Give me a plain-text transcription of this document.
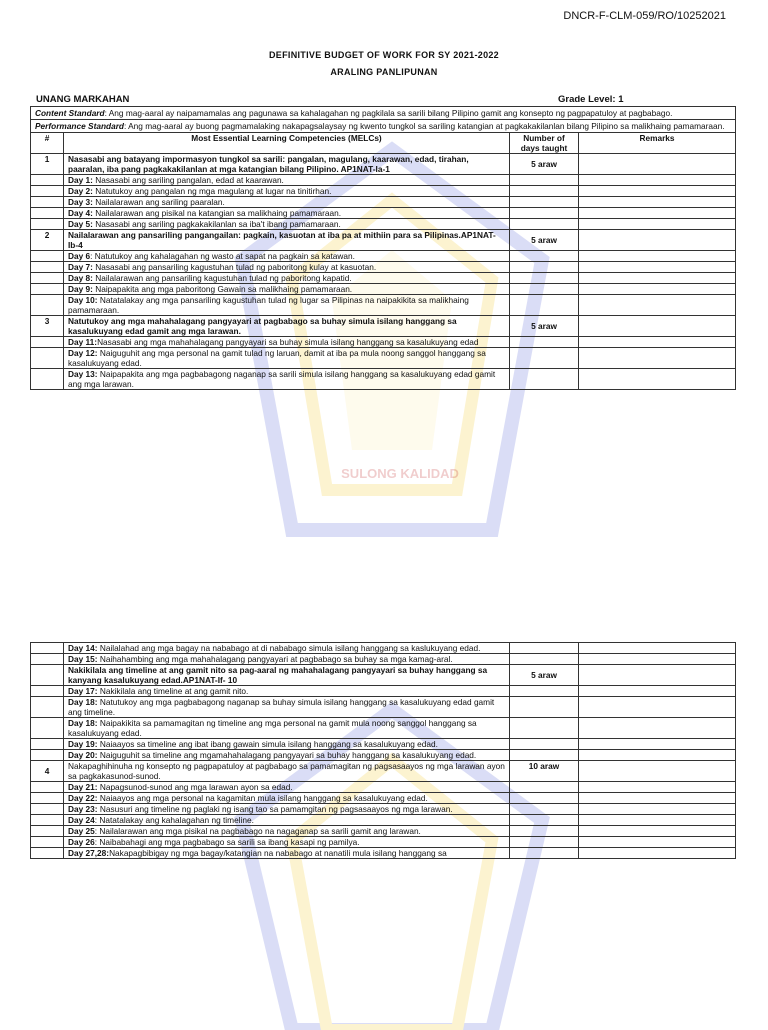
SULONG KALIDAD
DNCR-F-CLM-059/RO/10252021
DEFINITIVE BUDGET OF WORK FOR SY 2021-2022
ARALING PANLIPUNAN
UNANG MARKAHAN	Grade Level: 1
Content Standard: Ang mag-aaral ay naipamamalas ang pagunawa sa kahalagahan ng pagkilala sa sarili bilang Pilipino gamit ang konsepto ng pagpapatuloy at pagbabago.			
Performance Standard: Ang mag-aaral ay buong pagmamalaking nakapagsalaysay ng kwento tungkol sa sariling katangian at pagkakakilanlan bilang Pilipino sa malikhaing pamamaraan.			
#	Most Essential Learning Competencies (MELCs)	Number of days taught	Remarks
1	Nasasabi ang batayang impormasyon tungkol sa sarili: pangalan, magulang, kaarawan, edad, tirahan, paaralan, iba pang pagkakakilanlan at mga katangian bilang Pilipino. AP1NAT-Ia-1	5 araw	
	Day 1: Nasasabi ang sariling pangalan, edad at kaarawan.		
	Day 2: Natutukoy ang pangalan ng mga magulang at lugar na tinitirhan.		
	Day 3: Nailalarawan ang sariling paaralan.		
	Day 4: Nailalarawan ang pisikal na katangian sa malikhaing pamamaraan.		
	Day 5: Nasasabi ang sariling pagkakakilanlan sa iba't ibang pamamaraan.		
2	Nailalarawan ang pansariling pangangailan: pagkain, kasuotan at iba pa at mithiin para sa Pilipinas.AP1NAT-Ib-4	5 araw	
	Day 6: Natutukoy ang kahalagahan ng wasto at sapat na pagkain sa katawan.		
	Day 7: Nasasabi ang pansariling kagustuhan tulad ng paboritong kulay at kasuotan.		
	Day 8: Nailalarawan ang pansariling kagustuhan tulad ng paboritong kapatid.		
	Day 9: Naipapakita ang mga paboritong Gawain sa malikhaing pamamaraan.		
	Day 10: Natatalakay ang mga pansariling kagustuhan tulad ng lugar sa Pilipinas na naipakikita sa malikhaing pamamaraan.		
3	Natutukoy ang mga mahahalagang pangyayari at pagbabago sa buhay simula isilang hanggang sa kasalukuyang edad gamit ang mga larawan.	5 araw	
	Day 11:Nasasabi ang mga mahahalagang pangyayari sa buhay simula isilang hanggang sa kasalukuyang edad		
	Day 12: Naiguguhit ang mga personal na gamit tulad ng laruan, damit at iba pa mula noong sanggol hanggang sa kasalukuyang edad.		
	Day 13: Naipapakita ang mga pagbabagong naganap sa sarili simula isilang hanggang sa kasalukuyang edad gamit ang mga larawan.		
	Day 14: Nailalahad ang mga bagay na nababago at di nababago simula isilang hanggang sa kaslukuyang edad.		
	Day 15: Naihahambing ang mga mahahalagang pangyayari at pagbabago sa buhay sa mga kamag-aral.		
	Nakikilala ang timeline at ang gamit nito sa pag-aaral ng mahahalagang pangyayari sa buhay hanggang sa kanyang kasalukuyang edad.AP1NAT-If- 10	5 araw	
	Day 17: Nakikilala ang timeline at ang gamit nito.		
	Day 18: Natutukoy ang mga pagbabagong naganap sa buhay simula isilang hanggang sa kasalukuyang edad gamit ang timeline.		
	Day 18: Naipakikita sa pamamagitan ng timeline ang mga personal na gamit mula noong sanggol hanggang sa kasalukuyang edad.		
	Day 19: Naiaayos sa timeline ang ibat ibang gawain simula isilang hanggang sa kasalukuyang edad.		
	Day 20: Naiguguhit sa timeline ang mgamahahalagang pangyayari sa buhay hanggang sa kasalukuyang edad.		
4	Nakapaghihinuha ng konsepto ng pagpapatuloy at pagbabago sa pamamagitan ng pagsasaayos ng mga larawan ayon sa pagkakasunod-sunod.	10 araw	
	Day 21: Napagsunod-sunod ang mga larawan ayon sa edad.		
	Day 22: Naiaayos ang mga personal na kagamitan mula isilang hanggang sa kasalukuyang edad.		
	Day 23: Nasusuri ang timeline ng paglaki ng isang tao sa pamamgitan ng pagsasaayos ng mga larawan.		
	Day 24: Natatalakay ang kahalagahan ng timeline.		
	Day 25: Nailalarawan ang mga pisikal na pagbabago na nagaganap sa sarili gamit ang larawan.		
	Day 26: Naibabahagi ang mga pagbabago sa sarili sa ibang kasapi ng pamilya.		
	Day 27,28:Nakapagbibigay ng mga bagay/katangian na nababago at nanatili mula isilang hanggang sa		
